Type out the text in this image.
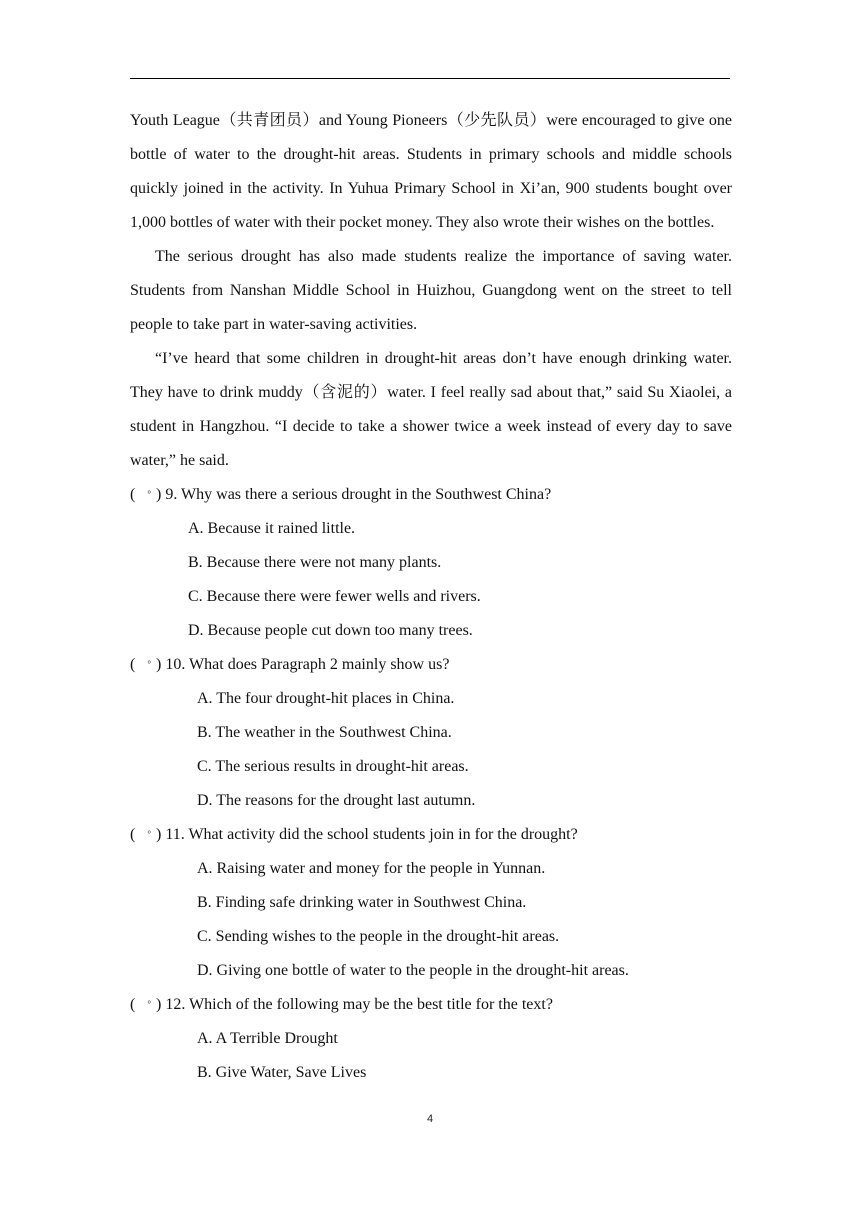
Youth League（共青团员）and Young Pioneers（少先队员）were encouraged to give one bottle of water to the drought-hit areas. Students in primary schools and middle schools quickly joined in the activity. In Yuhua Primary School in Xi’an, 900 students bought over 1,000 bottles of water with their pocket money. They also wrote their wishes on the bottles.

The serious drought has also made students realize the importance of saving water. Students from Nanshan Middle School in Huizhou, Guangdong went on the street to tell people to take part in water-saving activities.

“I’ve heard that some children in drought-hit areas don’t have enough drinking water. They have to drink muddy（含泥的）water. I feel really sad about that,” said Su Xiaolei, a student in Hangzhou. “I decide to take a shower twice a week instead of every day to save water,” he said.

( ° ) 9. Why was there a serious drought in the Southwest China?

A. Because it rained little.
B. Because there were not many plants.
C. Because there were fewer wells and rivers.
D. Because people cut down too many trees.

( ° ) 10. What does Paragraph 2 mainly show us?

A. The four drought-hit places in China.
B. The weather in the Southwest China.
C. The serious results in drought-hit areas.
D. The reasons for the drought last autumn.

( ° ) 11. What activity did the school students join in for the drought?

A. Raising water and money for the people in Yunnan.
B. Finding safe drinking water in Southwest China.
C. Sending wishes to the people in the drought-hit areas.
D. Giving one bottle of water to the people in the drought-hit areas.

( ° ) 12. Which of the following may be the best title for the text?

A. A Terrible Drought
B. Give Water, Save Lives
4
